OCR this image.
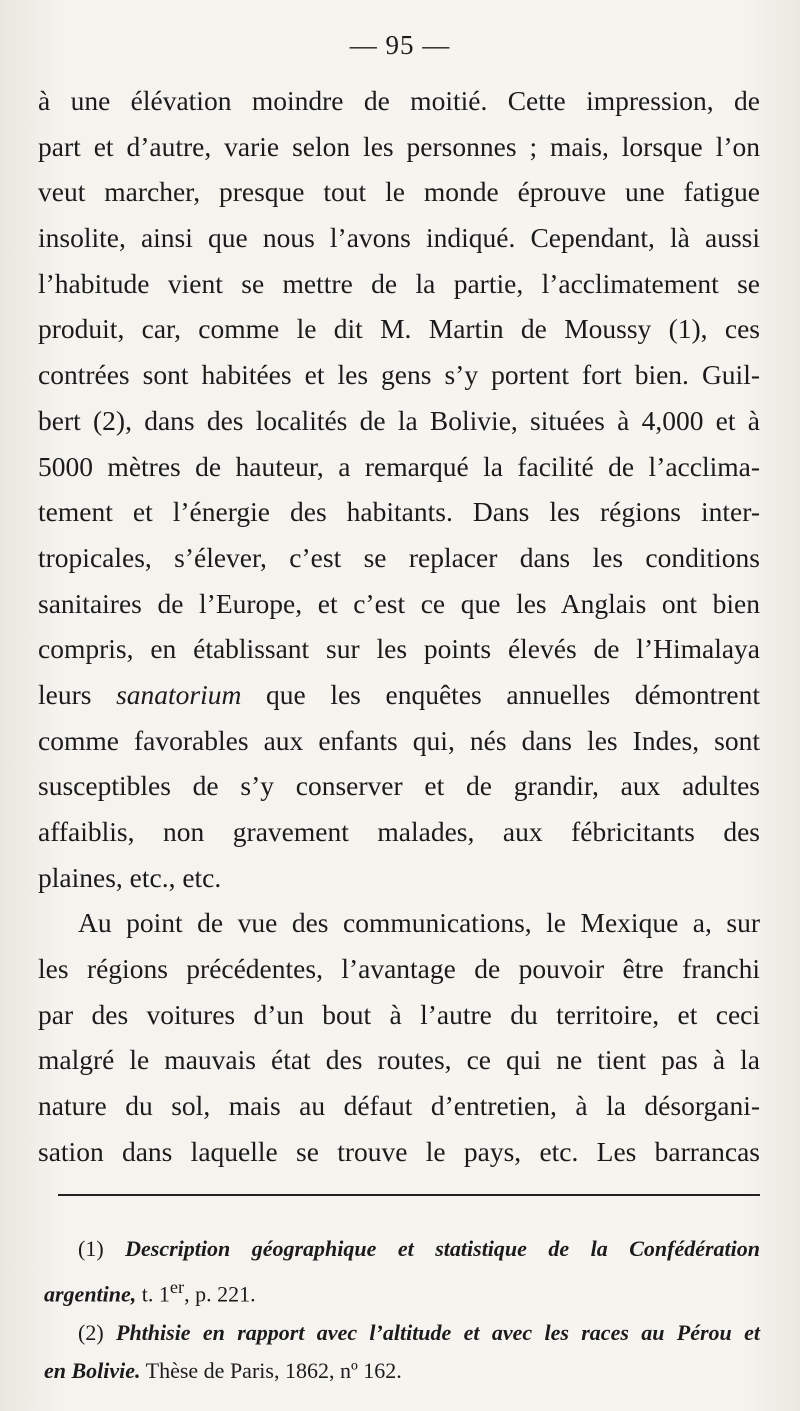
— 95 —
à une élévation moindre de moitié. Cette impression, de
part et d’autre, varie selon les personnes ; mais, lorsque l’on
veut marcher, presque tout le monde éprouve une fatigue
insolite, ainsi que nous l’avons indiqué. Cependant, là aussi
l’habitude vient se mettre de la partie, l’acclimatement se
produit, car, comme le dit M. Martin de Moussy (1), ces
contrées sont habitées et les gens s’y portent fort bien. Guil-
bert (2), dans des localités de la Bolivie, situées à 4,000 et à
5000 mètres de hauteur, a remarqué la facilité de l’acclima-
tement et l’énergie des habitants. Dans les régions inter-
tropicales, s’élever, c’est se replacer dans les conditions
sanitaires de l’Europe, et c’est ce que les Anglais ont bien
compris, en établissant sur les points élevés de l’Himalaya
leurs sanatorium que les enquêtes annuelles démontrent
comme favorables aux enfants qui, nés dans les Indes, sont
susceptibles de s’y conserver et de grandir, aux adultes
affaiblis, non gravement malades, aux fébricitants des
plaines, etc., etc.
Au point de vue des communications, le Mexique a, sur
les régions précédentes, l’avantage de pouvoir être franchi
par des voitures d’un bout à l’autre du territoire, et ceci
malgré le mauvais état des routes, ce qui ne tient pas à la
nature du sol, mais au défaut d’entretien, à la désorgani-
sation dans laquelle se trouve le pays, etc. Les barrancas
(1) Description géographique et statistique de la Confédération
argentine, t. 1er, p. 221.
(2) Phthisie en rapport avec l’altitude et avec les races au Pérou et
en Bolivie. Thèse de Paris, 1862, nº 162.
